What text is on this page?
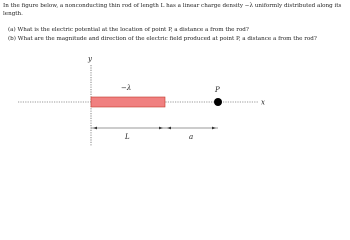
In the figure below, a nonconducting thin rod of length L has a linear charge density −λ uniformly distributed along its length.

(a) What is the electric potential at the location of point P, a distance a from the rod?

(b) What are the magnitude and direction of the electric field produced at point P, a distance a from the rod?

y
x
−λ	P
L	a
